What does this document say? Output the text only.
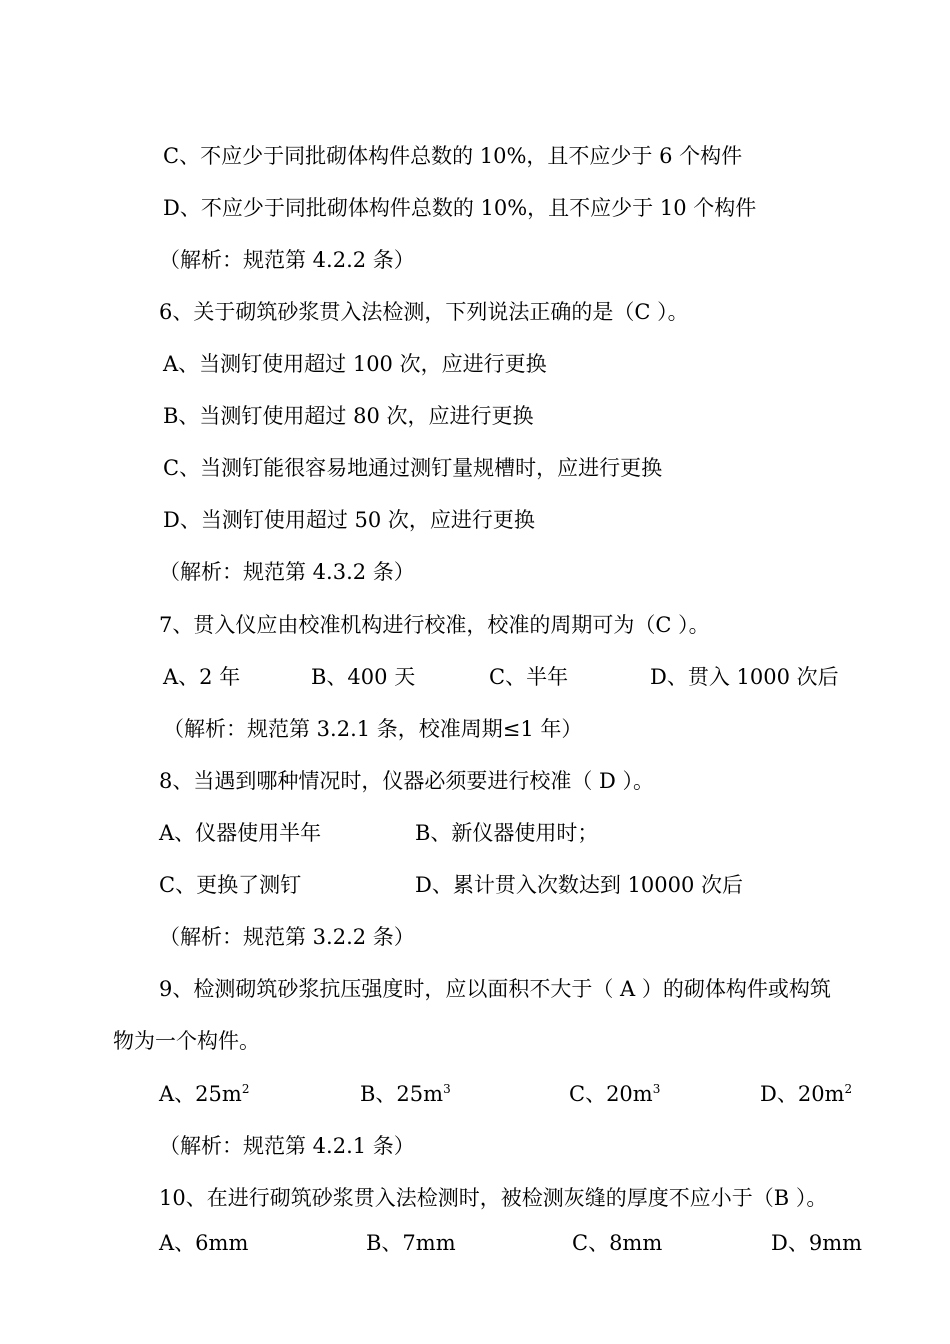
C、不应少于同批砌体构件总数的 10%，且不应少于 6 个构件
D、不应少于同批砌体构件总数的 10%，且不应少于 10 个构件
（解析：规范第 4.2.2 条）
6、关于砌筑砂浆贯入法检测，下列说法正确的是（C ）。
A、当测钉使用超过 100 次，应进行更换
B、当测钉使用超过 80 次，应进行更换
C、当测钉能很容易地通过测钉量规槽时，应进行更换
D、当测钉使用超过 50 次，应进行更换
（解析：规范第 4.3.2 条）
7、贯入仪应由校准机构进行校准，校准的周期可为（C ）。
A、2 年	B、400 天	C、半年	D、贯入 1000 次后
（解析：规范第 3.2.1 条，校准周期≤1 年）
8、当遇到哪种情况时，仪器必须要进行校准（ D ）。
A、仪器使用半年	B、新仪器使用时；
C、更换了测钉	D、累计贯入次数达到 10000 次后
（解析：规范第 3.2.2 条）
9、检测砌筑砂浆抗压强度时，应以面积不大于（ A ）的砌体构件或构筑
物为一个构件。
A、$25m^2$	B、$25m^3$	C、$20m^3$	D、$20m^2$
（解析：规范第 4.2.1 条）
10、在进行砌筑砂浆贯入法检测时，被检测灰缝的厚度不应小于（B ）。
A、6mm	B、7mm	C、8mm	D、9mm
